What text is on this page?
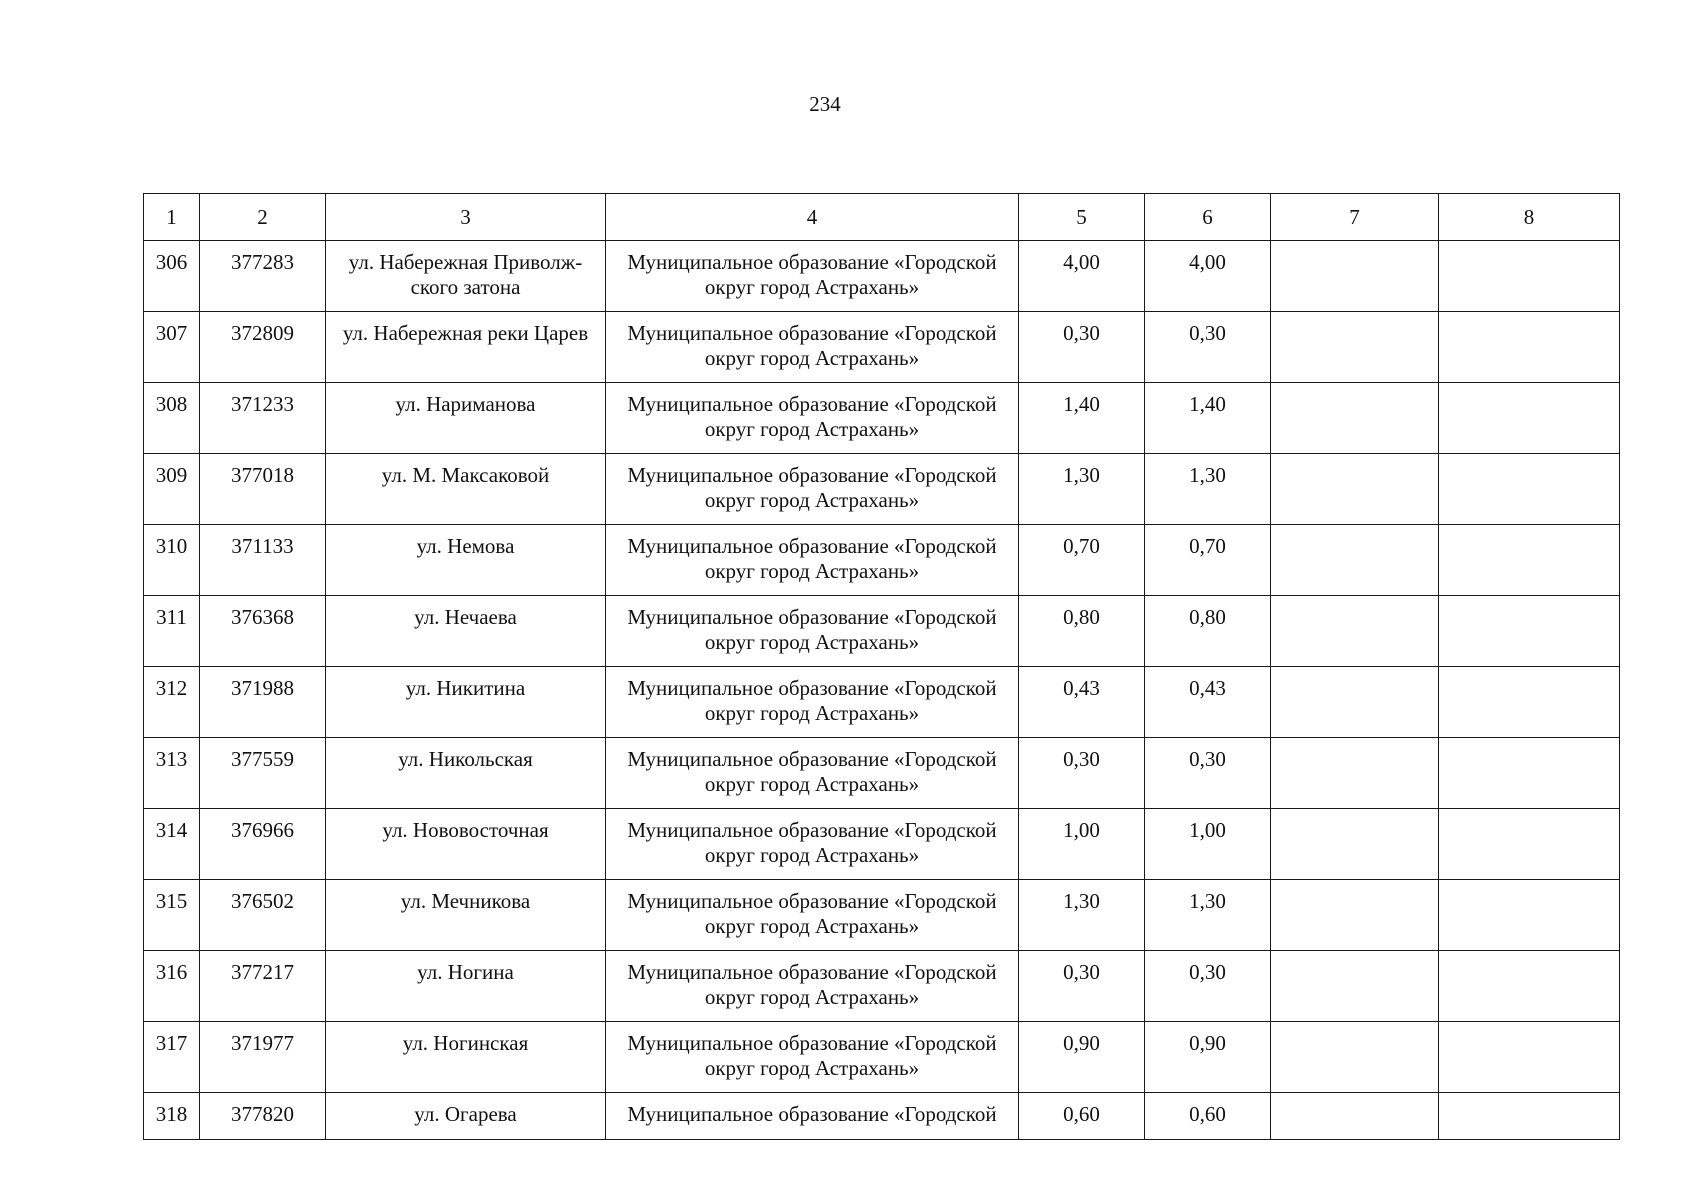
234
1	2	3	4	5	6	7	8
306	377283	ул. Набережная Приволж-ского затона	Муниципальное образование «Городской округ город Астрахань»	4,00	4,00		
307	372809	ул. Набережная реки Царев	Муниципальное образование «Городской округ город Астрахань»	0,30	0,30		
308	371233	ул. Нариманова	Муниципальное образование «Городской округ город Астрахань»	1,40	1,40		
309	377018	ул. М. Максаковой	Муниципальное образование «Городской округ город Астрахань»	1,30	1,30		
310	371133	ул. Немова	Муниципальное образование «Городской округ город Астрахань»	0,70	0,70		
311	376368	ул. Нечаева	Муниципальное образование «Городской округ город Астрахань»	0,80	0,80		
312	371988	ул. Никитина	Муниципальное образование «Городской округ город Астрахань»	0,43	0,43		
313	377559	ул. Никольская	Муниципальное образование «Городской округ город Астрахань»	0,30	0,30		
314	376966	ул. Нововосточная	Муниципальное образование «Городской округ город Астрахань»	1,00	1,00		
315	376502	ул. Мечникова	Муниципальное образование «Городской округ город Астрахань»	1,30	1,30		
316	377217	ул. Ногина	Муниципальное образование «Городской округ город Астрахань»	0,30	0,30		
317	371977	ул. Ногинская	Муниципальное образование «Городской округ город Астрахань»	0,90	0,90		
318	377820	ул. Огарева	Муниципальное образование «Городской	0,60	0,60		
